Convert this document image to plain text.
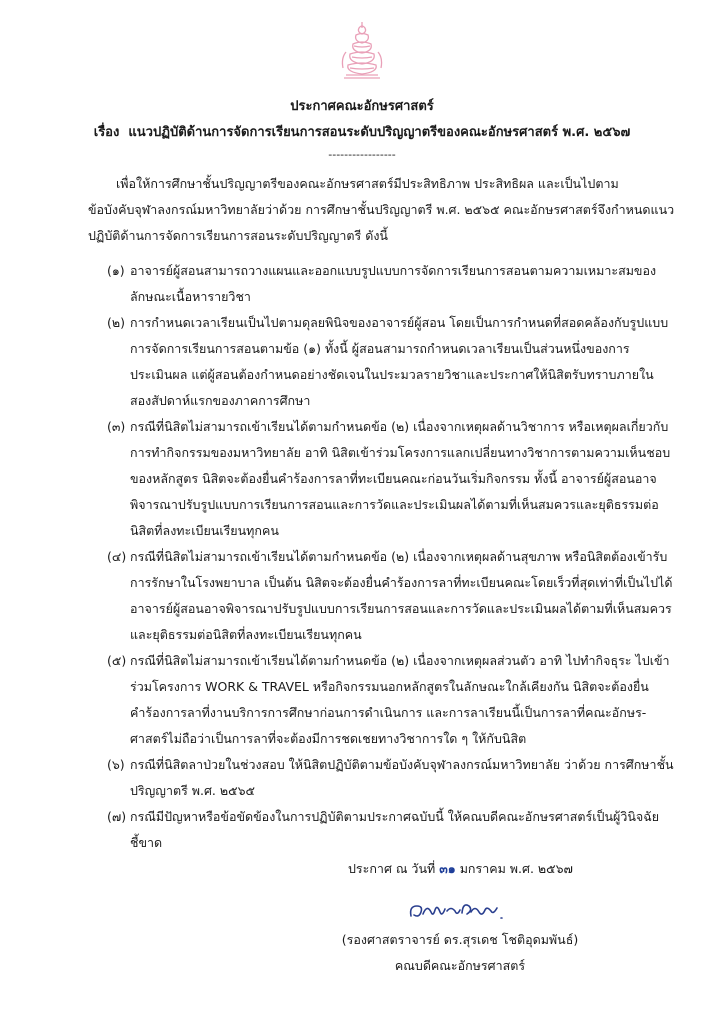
ประกาศคณะอักษรศาสตร์
เรื่อง แนวปฏิบัติด้านการจัดการเรียนการสอนระดับปริญญาตรีของคณะอักษรศาสตร์ พ.ศ. ๒๕๖๗
-----------------
เพื่อให้การศึกษาชั้นปริญญาตรีของคณะอักษรศาสตร์มีประสิทธิภาพ ประสิทธิผล และเป็นไปตาม
ข้อบังคับจุฬาลงกรณ์มหาวิทยาลัยว่าด้วย การศึกษาชั้นปริญญาตรี พ.ศ. ๒๕๖๕ คณะอักษรศาสตร์จึงกำหนดแนว
ปฏิบัติด้านการจัดการเรียนการสอนระดับปริญญาตรี ดังนี้
(๑) อาจารย์ผู้สอนสามารถวางแผนและออกแบบรูปแบบการจัดการเรียนการสอนตามความเหมาะสมของ
ลักษณะเนื้อหารายวิชา
(๒) การกำหนดเวลาเรียนเป็นไปตามดุลยพินิจของอาจารย์ผู้สอน โดยเป็นการกำหนดที่สอดคล้องกับรูปแบบ
การจัดการเรียนการสอนตามข้อ (๑) ทั้งนี้ ผู้สอนสามารถกำหนดเวลาเรียนเป็นส่วนหนึ่งของการ
ประเมินผล แต่ผู้สอนต้องกำหนดอย่างชัดเจนในประมวลรายวิชาและประกาศให้นิสิตรับทราบภายใน
สองสัปดาห์แรกของภาคการศึกษา
(๓) กรณีที่นิสิตไม่สามารถเข้าเรียนได้ตามกำหนดข้อ (๒) เนื่องจากเหตุผลด้านวิชาการ หรือเหตุผลเกี่ยวกับ
การทำกิจกรรมของมหาวิทยาลัย อาทิ นิสิตเข้าร่วมโครงการแลกเปลี่ยนทางวิชาการตามความเห็นชอบ
ของหลักสูตร นิสิตจะต้องยื่นคำร้องการลาที่ทะเบียนคณะก่อนวันเริ่มกิจกรรม ทั้งนี้ อาจารย์ผู้สอนอาจ
พิจารณาปรับรูปแบบการเรียนการสอนและการวัดและประเมินผลได้ตามที่เห็นสมควรและยุติธรรมต่อ
นิสิตที่ลงทะเบียนเรียนทุกคน
(๔) กรณีที่นิสิตไม่สามารถเข้าเรียนได้ตามกำหนดข้อ (๒) เนื่องจากเหตุผลด้านสุขภาพ หรือนิสิตต้องเข้ารับ
การรักษาในโรงพยาบาล เป็นต้น นิสิตจะต้องยื่นคำร้องการลาที่ทะเบียนคณะโดยเร็วที่สุดเท่าที่เป็นไปได้
อาจารย์ผู้สอนอาจพิจารณาปรับรูปแบบการเรียนการสอนและการวัดและประเมินผลได้ตามที่เห็นสมควร
และยุติธรรมต่อนิสิตที่ลงทะเบียนเรียนทุกคน
(๕) กรณีที่นิสิตไม่สามารถเข้าเรียนได้ตามกำหนดข้อ (๒) เนื่องจากเหตุผลส่วนตัว อาทิ ไปทำกิจธุระ ไปเข้า
ร่วมโครงการ WORK & TRAVEL หรือกิจกรรมนอกหลักสูตรในลักษณะใกล้เคียงกัน นิสิตจะต้องยื่น
คำร้องการลาที่งานบริการการศึกษาก่อนการดำเนินการ และการลาเรียนนี้เป็นการลาที่คณะอักษร-
ศาสตร์ไม่ถือว่าเป็นการลาที่จะต้องมีการชดเชยทางวิชาการใด ๆ ให้กับนิสิต
(๖) กรณีที่นิสิตลาป่วยในช่วงสอบ ให้นิสิตปฏิบัติตามข้อบังคับจุฬาลงกรณ์มหาวิทยาลัย ว่าด้วย การศึกษาชั้น
ปริญญาตรี พ.ศ. ๒๕๖๕
(๗) กรณีมีปัญหาหรือข้อขัดข้องในการปฏิบัติตามประกาศฉบับนี้ ให้คณบดีคณะอักษรศาสตร์เป็นผู้วินิจฉัย
ชี้ขาด
ประกาศ ณ วันที่ ๓๑ มกราคม พ.ศ. ๒๕๖๗
(รองศาสตราจารย์ ดร.สุรเดช โชติอุดมพันธ์)
คณบดีคณะอักษรศาสตร์
